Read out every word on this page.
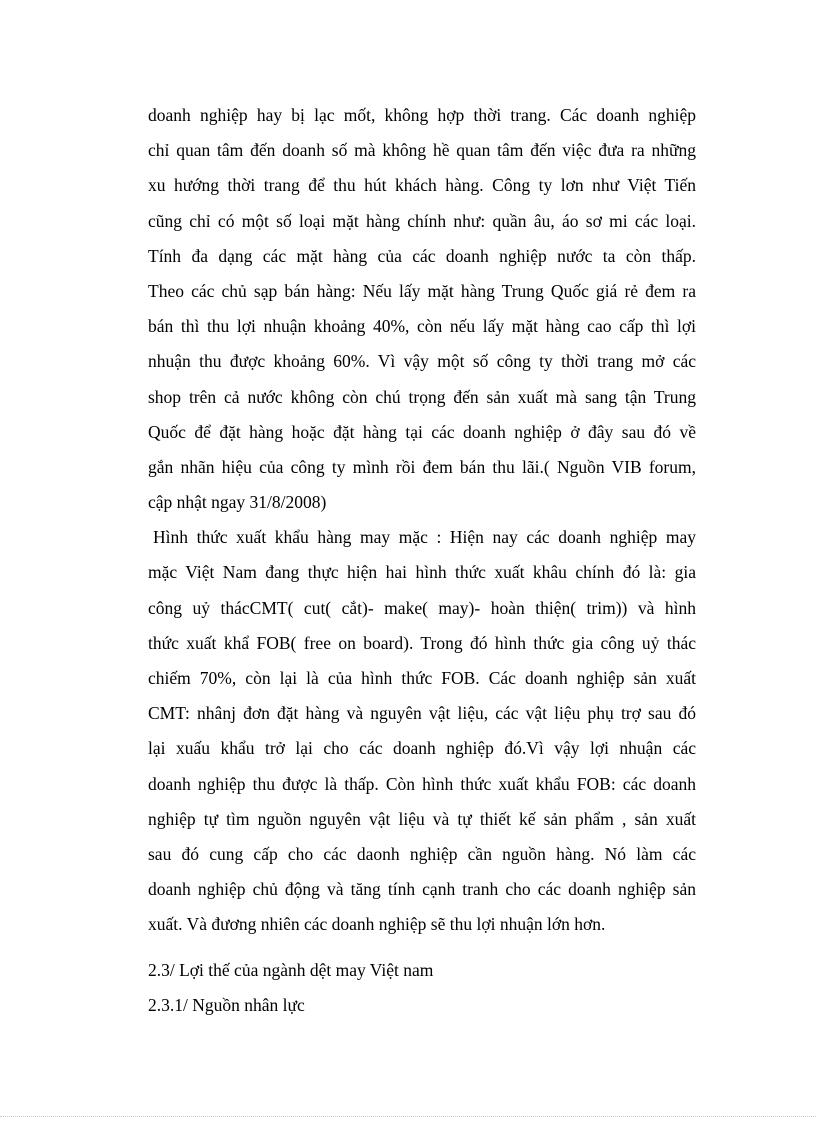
doanh nghiệp hay bị lạc mốt, không hợp thời trang. Các doanh nghiệp
chỉ quan tâm đến doanh số mà không hề quan tâm đến việc đưa ra những
xu hướng thời trang để thu hút khách hàng. Công ty lơn như Việt Tiến
cũng chỉ có một số loại mặt hàng chính như: quần âu, áo sơ mi các loại.
Tính đa dạng các mặt hàng của các doanh nghiệp nước ta còn thấp.
Theo các chủ sạp bán hàng: Nếu lấy mặt hàng Trung Quốc giá rẻ đem ra
bán thì thu lợi nhuận khoảng 40%, còn nếu lấy mặt hàng cao cấp thì lợi
nhuận thu được khoảng 60%. Vì vậy một số công ty thời trang mở các
shop trên cả nước không còn chú trọng đến sản xuất mà sang tận Trung
Quốc để đặt hàng hoặc đặt hàng tại các doanh nghiệp ở đây sau đó về
gắn nhãn hiệu của công ty mình rồi đem bán thu lãi.( Nguồn VIB forum,
cập nhật ngay 31/8/2008)
Hình thức xuất khẩu hàng may mặc : Hiện nay các doanh nghiệp may
mặc Việt Nam đang thực hiện hai hình thức xuất khâu chính đó là: gia
công uỷ thácCMT( cut( cắt)- make( may)- hoàn thiện( trim)) và hình
thức xuất khẩ FOB( free on board). Trong đó hình thức gia công uỷ thác
chiếm 70%, còn lại là của hình thức FOB. Các doanh nghiệp sản xuất
CMT: nhânj đơn đặt hàng và nguyên vật liệu, các vật liệu phụ trợ sau đó
lại xuấu khẩu trở lại cho các doanh nghiệp đó.Vì vậy lợi nhuận các
doanh nghiệp thu được là thấp. Còn hình thức xuất khẩu FOB: các doanh
nghiệp tự tìm nguồn nguyên vật liệu và tự thiết kế sản phẩm , sản xuất
sau đó cung cấp cho các daonh nghiệp cần nguồn hàng. Nó làm các
doanh nghiệp chủ động và tăng tính cạnh tranh cho các doanh nghiệp sản
xuất. Và đương nhiên các doanh nghiệp sẽ thu lợi nhuận lớn hơn.
2.3/ Lợi thế của ngành dệt may Việt nam
2.3.1/ Nguồn nhân lực
